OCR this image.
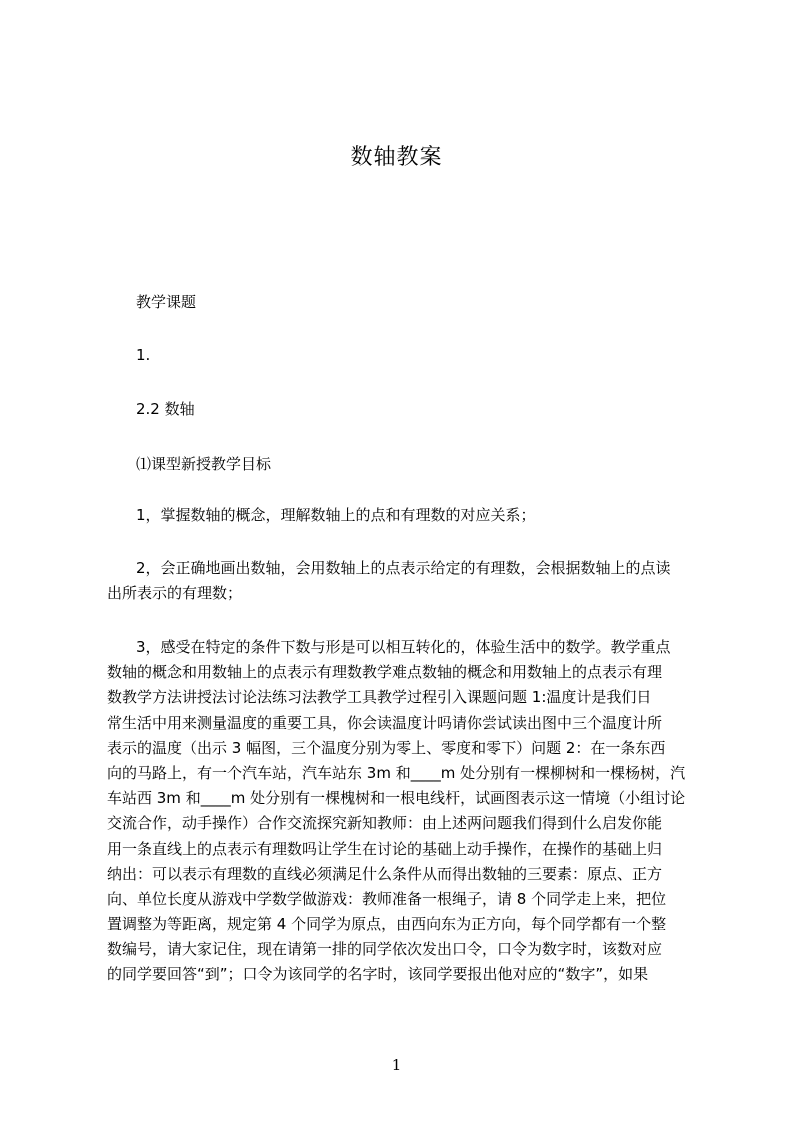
数轴教案
教学课题
1.
2.2 数轴
⑴课型新授教学目标
1，掌握数轴的概念，理解数轴上的点和有理数的对应关系；
2，会正确地画出数轴，会用数轴上的点表示给定的有理数，会根据数轴上的点读
出所表示的有理数；
3，感受在特定的条件下数与形是可以相互转化的，体验生活中的数学。教学重点
数轴的概念和用数轴上的点表示有理数教学难点数轴的概念和用数轴上的点表示有理
数教学方法讲授法讨论法练习法教学工具教学过程引入课题问题 1:温度计是我们日
常生活中用来测量温度的重要工具，你会读温度计吗请你尝试读出图中三个温度计所
表示的温度（出示 3 幅图，三个温度分别为零上、零度和零下）问题 2：在一条东西
向的马路上，有一个汽车站，汽车站东 3m 和____m 处分别有一棵柳树和一棵杨树，汽
车站西 3m 和____m 处分别有一棵槐树和一根电线杆，试画图表示这一情境（小组讨论
交流合作，动手操作）合作交流探究新知教师：由上述两问题我们得到什么启发你能
用一条直线上的点表示有理数吗让学生在讨论的基础上动手操作，在操作的基础上归
纳出：可以表示有理数的直线必须满足什么条件从而得出数轴的三要素：原点、正方
向、单位长度从游戏中学数学做游戏：教师准备一根绳子，请 8 个同学走上来，把位
置调整为等距离，规定第 4 个同学为原点，由西向东为正方向，每个同学都有一个整
数编号，请大家记住，现在请第一排的同学依次发出口令，口令为数字时，该数对应
的同学要回答“到”；口令为该同学的名字时，该同学要报出他对应的“数字”，如果
1
